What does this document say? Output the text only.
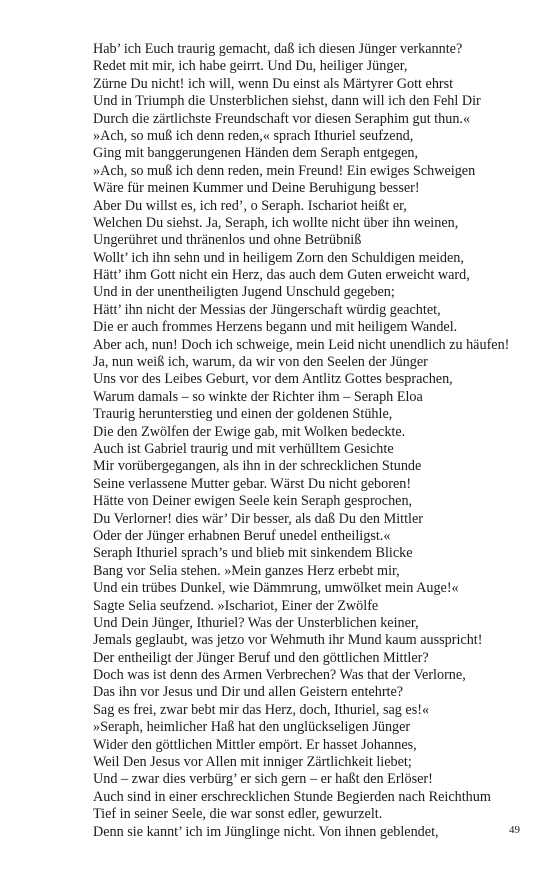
Hab’ ich Euch traurig gemacht, daß ich diesen Jünger verkannte?
Redet mit mir, ich habe geirrt. Und Du, heiliger Jünger,
Zürne Du nicht! ich will, wenn Du einst als Märtyrer Gott ehrst
Und in Triumph die Unsterblichen siehst, dann will ich den Fehl Dir
Durch die zärtlichste Freundschaft vor diesen Seraphim gut thun.«
»Ach, so muß ich denn reden,« sprach Ithuriel seufzend,
Ging mit banggerungenen Händen dem Seraph entgegen,
»Ach, so muß ich denn reden, mein Freund! Ein ewiges Schweigen
Wäre für meinen Kummer und Deine Beruhigung besser!
Aber Du willst es, ich red’, o Seraph. Ischariot heißt er,
Welchen Du siehst. Ja, Seraph, ich wollte nicht über ihn weinen,
Ungerühret und thränenlos und ohne Betrübniß
Wollt’ ich ihn sehn und in heiligem Zorn den Schuldigen meiden,
Hätt’ ihm Gott nicht ein Herz, das auch dem Guten erweicht ward,
Und in der unentheiligten Jugend Unschuld gegeben;
Hätt’ ihn nicht der Messias der Jüngerschaft würdig geachtet,
Die er auch frommes Herzens begann und mit heiligem Wandel.
Aber ach, nun! Doch ich schweige, mein Leid nicht unendlich zu häufen!
Ja, nun weiß ich, warum, da wir von den Seelen der Jünger
Uns vor des Leibes Geburt, vor dem Antlitz Gottes besprachen,
Warum damals – so winkte der Richter ihm – Seraph Eloa
Traurig herunterstieg und einen der goldenen Stühle,
Die den Zwölfen der Ewige gab, mit Wolken bedeckte.
Auch ist Gabriel traurig und mit verhülltem Gesichte
Mir vorübergegangen, als ihn in der schrecklichen Stunde
Seine verlassene Mutter gebar. Wärst Du nicht geboren!
Hätte von Deiner ewigen Seele kein Seraph gesprochen,
Du Verlorner! dies wär’ Dir besser, als daß Du den Mittler
Oder der Jünger erhabnen Beruf unedel entheiligst.«
Seraph Ithuriel sprach’s und blieb mit sinkendem Blicke
Bang vor Selia stehen. »Mein ganzes Herz erbebt mir,
Und ein trübes Dunkel, wie Dämmrung, umwölket mein Auge!«
Sagte Selia seufzend. »Ischariot, Einer der Zwölfe
Und Dein Jünger, Ithuriel? Was der Unsterblichen keiner,
Jemals geglaubt, was jetzo vor Wehmuth ihr Mund kaum ausspricht!
Der entheiligt der Jünger Beruf und den göttlichen Mittler?
Doch was ist denn des Armen Verbrechen? Was that der Verlorne,
Das ihn vor Jesus und Dir und allen Geistern entehrte?
Sag es frei, zwar bebt mir das Herz, doch, Ithuriel, sag es!«
»Seraph, heimlicher Haß hat den unglückseligen Jünger
Wider den göttlichen Mittler empört. Er hasset Johannes,
Weil Den Jesus vor Allen mit inniger Zärtlichkeit liebet;
Und – zwar dies verbürg’ er sich gern – er haßt den Erlöser!
Auch sind in einer erschrecklichen Stunde Begierden nach Reichthum
Tief in seiner Seele, die war sonst edler, gewurzelt.
Denn sie kannt’ ich im Jünglinge nicht. Von ihnen geblendet,	49
